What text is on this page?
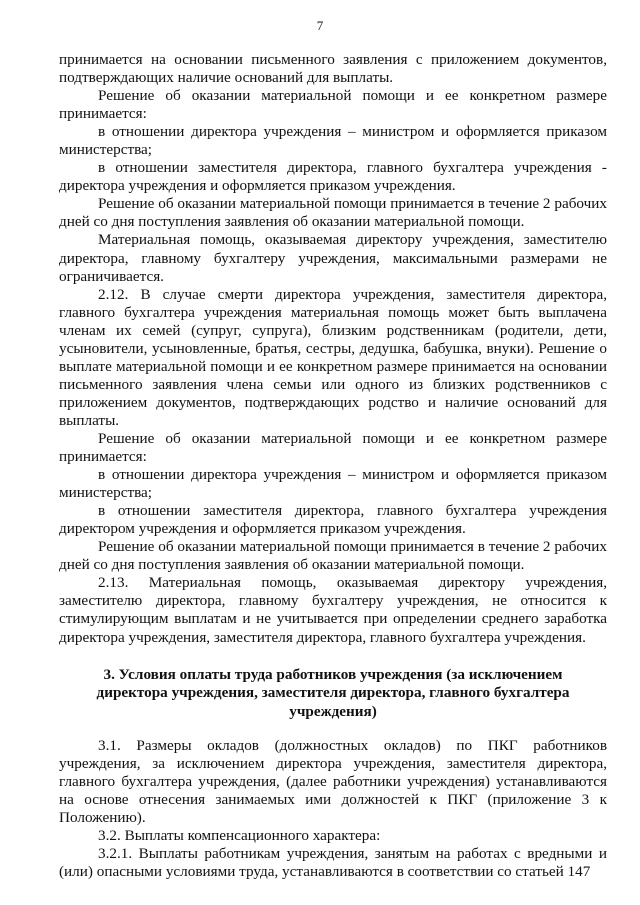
7

принимается на основании письменного заявления с приложением документов, подтверждающих наличие оснований для выплаты.

Решение об оказании материальной помощи и ее конкретном размере принимается:

в отношении директора учреждения – министром и оформляется приказом министерства;

в отношении заместителя директора, главного бухгалтера учреждения - директора учреждения и оформляется приказом учреждения.

Решение об оказании материальной помощи принимается в течение 2 рабочих дней со дня поступления заявления об оказании материальной помощи.

Материальная помощь, оказываемая директору учреждения, заместителю директора, главному бухгалтеру учреждения, максимальными размерами не ограничивается.

2.12. В случае смерти директора учреждения, заместителя директора, главного бухгалтера учреждения материальная помощь может быть выплачена членам их семей (супруг, супруга), близким родственникам (родители, дети, усыновители, усыновленные, братья, сестры, дедушка, бабушка, внуки). Решение о выплате материальной помощи и ее конкретном размере принимается на основании письменного заявления члена семьи или одного из близких родственников с приложением документов, подтверждающих родство и наличие оснований для выплаты.

Решение об оказании материальной помощи и ее конкретном размере принимается:

в отношении директора учреждения – министром и оформляется приказом министерства;

в отношении заместителя директора, главного бухгалтера учреждения директором учреждения и оформляется приказом учреждения.

Решение об оказании материальной помощи принимается в течение 2 рабочих дней со дня поступления заявления об оказании материальной помощи.

2.13. Материальная помощь, оказываемая директору учреждения, заместителю директора, главному бухгалтеру учреждения, не относится к стимулирующим выплатам и не учитывается при определении среднего заработка директора учреждения, заместителя директора, главного бухгалтера учреждения.

3. Условия оплаты труда работников учреждения (за исключением директора учреждения, заместителя директора, главного бухгалтера учреждения)

3.1. Размеры окладов (должностных окладов) по ПКГ работников учреждения, за исключением директора учреждения, заместителя директора, главного бухгалтера учреждения, (далее работники учреждения) устанавливаются на основе отнесения занимаемых ими должностей к ПКГ (приложение 3 к Положению).

3.2. Выплаты компенсационного характера:

3.2.1. Выплаты работникам учреждения, занятым на работах с вредными и (или) опасными условиями труда, устанавливаются в соответствии со статьей 147
